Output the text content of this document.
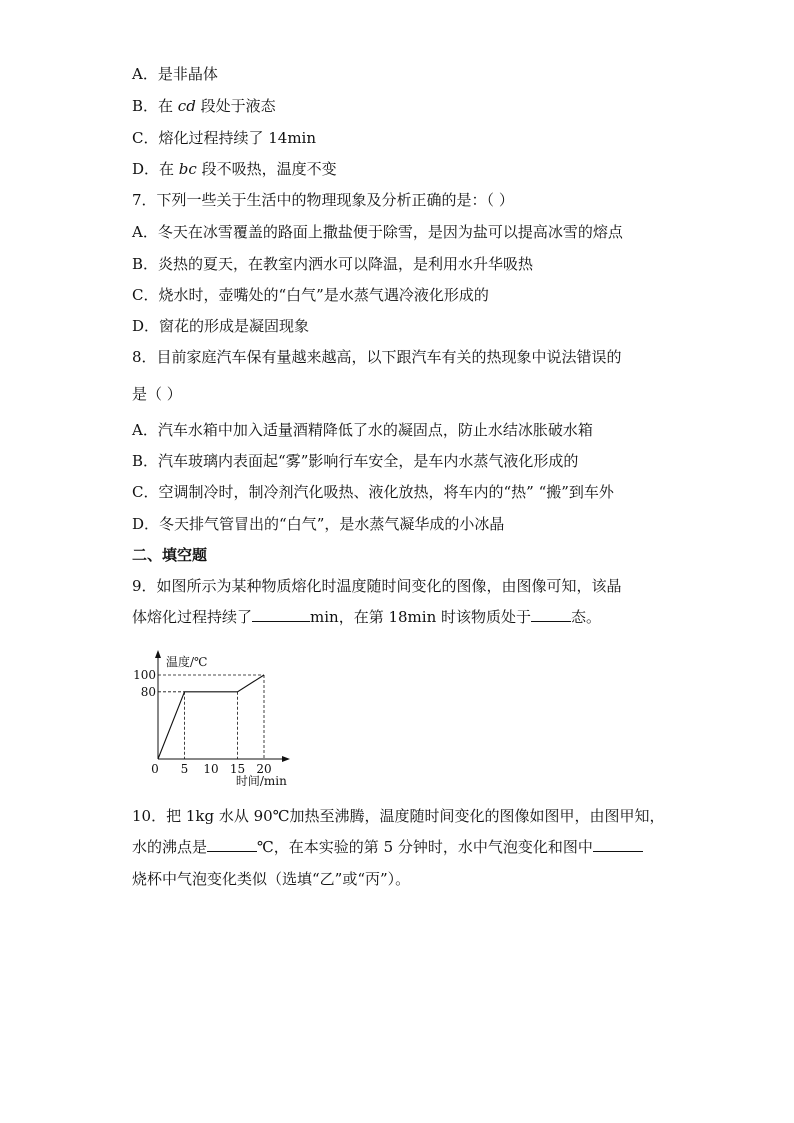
A．是非晶体
B．在 cd 段处于液态
C．熔化过程持续了 14min
D．在 bc 段不吸热，温度不变
7．下列一些关于生活中的物理现象及分析正确的是：（ ）
A．冬天在冰雪覆盖的路面上撒盐便于除雪，是因为盐可以提高冰雪的熔点
B．炎热的夏天，在教室内洒水可以降温，是利用水升华吸热
C．烧水时，壶嘴处的“白气”是水蒸气遇冷液化形成的
D．窗花的形成是凝固现象
8．目前家庭汽车保有量越来越高，以下跟汽车有关的热现象中说法错误的
是（ ）
A．汽车水箱中加入适量酒精降低了水的凝固点，防止水结冰胀破水箱
B．汽车玻璃内表面起“雾”影响行车安全，是车内水蒸气液化形成的
C．空调制冷时，制冷剂汽化吸热、液化放热，将车内的“热” “搬”到车外
D．冬天排气管冒出的“白气”，是水蒸气凝华成的小冰晶
二、填空题
9．如图所示为某种物质熔化时温度随时间变化的图像，由图像可知，该晶
体熔化过程持续了	min，在第 18min 时该物质处于	态。
0 5 10 15 20
80
100
温度/℃
时间/min
10．把 1kg 水从 90℃加热至沸腾，温度随时间变化的图像如图甲，由图甲知，
水的沸点是	℃，在本实验的第 5 分钟时，水中气泡变化和图中
烧杯中气泡变化类似（选填“乙”或“丙”）。
